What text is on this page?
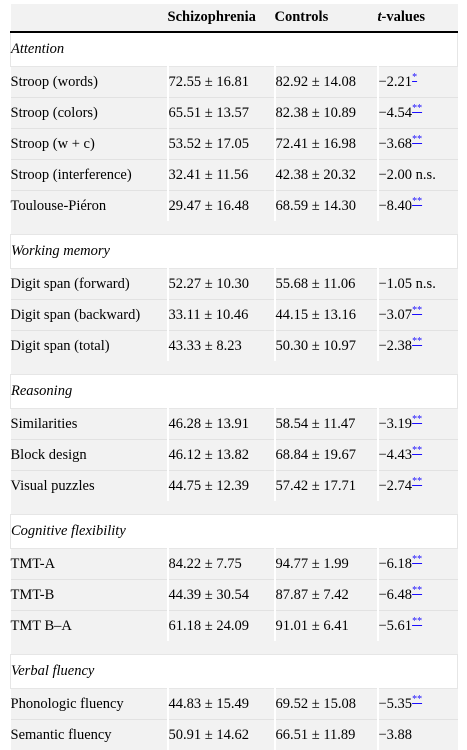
	Schizophrenia	Controls	t-values
Attention			
Stroop (words)	72.55 ± 16.81	82.92 ± 14.08	−2.21*
Stroop (colors)	65.51 ± 13.57	82.38 ± 10.89	−4.54**
Stroop (w + c)	53.52 ± 17.05	72.41 ± 16.98	−3.68**
Stroop (interference)	32.41 ± 11.56	42.38 ± 20.32	−2.00 n.s.
Toulouse-Piéron	29.47 ± 16.48	68.59 ± 14.30	−8.40**

Working memory			
Digit span (forward)	52.27 ± 10.30	55.68 ± 11.06	−1.05 n.s.
Digit span (backward)	33.11 ± 10.46	44.15 ± 13.16	−3.07**
Digit span (total)	43.33 ± 8.23	50.30 ± 10.97	−2.38**

Reasoning			
Similarities	46.28 ± 13.91	58.54 ± 11.47	−3.19**
Block design	46.12 ± 13.82	68.84 ± 19.67	−4.43**
Visual puzzles	44.75 ± 12.39	57.42 ± 17.71	−2.74**

Cognitive flexibility			
TMT-A	84.22 ± 7.75	94.77 ± 1.99	−6.18**
TMT-B	44.39 ± 30.54	87.87 ± 7.42	−6.48**
TMT B–A	61.18 ± 24.09	91.01 ± 6.41	−5.61**

Verbal fluency			
Phonologic fluency	44.83 ± 15.49	69.52 ± 15.08	−5.35**
Semantic fluency	50.91 ± 14.62	66.51 ± 11.89	−3.88
